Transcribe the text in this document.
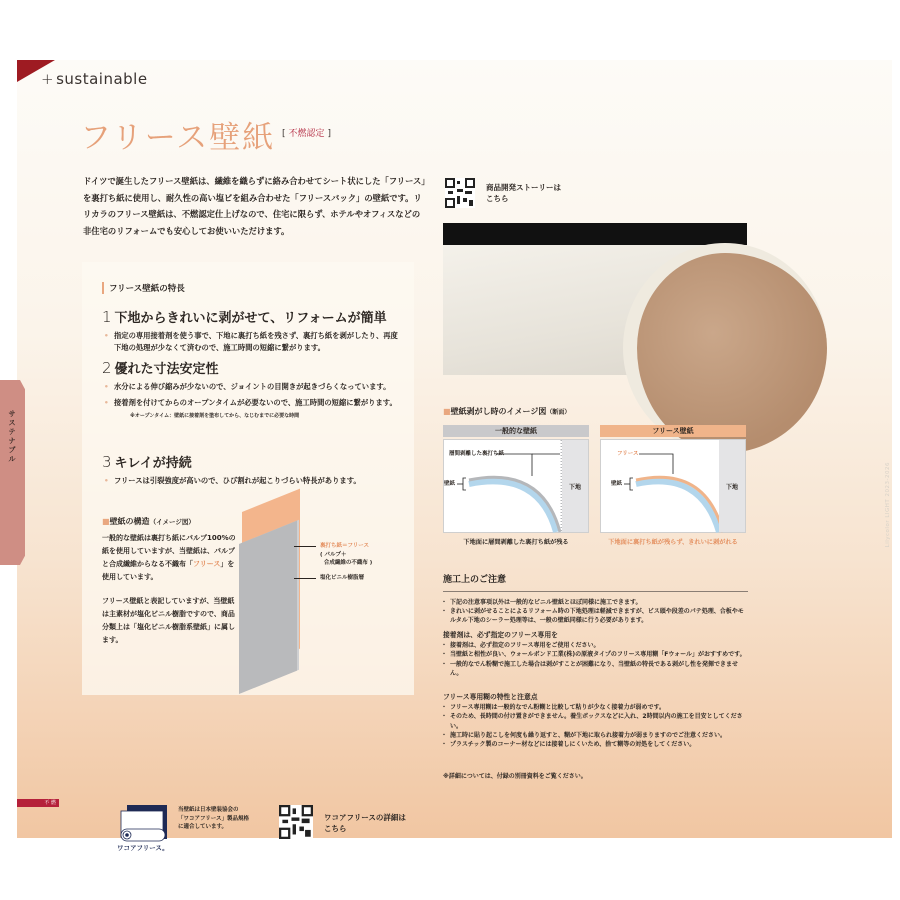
+ sustainable
フリース壁紙 [ 不燃認定 ]
ドイツで誕生したフリース壁紙は、繊維を織らずに絡み合わせてシート状にした「フリース」を裏打ち紙に使用し、耐久性の高い塩ビを組み合わせた「フリースバック」の壁紙です。リリカラのフリース壁紙は、不燃認定仕上げなので、住宅に限らず、ホテルやオフィスなどの非住宅のリフォームでも安心してお使いいただけます。
フリース壁紙の特長
1 下地からきれいに剥がせて、リフォームが簡単

• 指定の専用接着剤を使う事で、下地に裏打ち紙を残さず、裏打ち紙を剥がしたり、再度下地の処理が少なくて済むので、施工時間の短縮に繋がります。

2 優れた寸法安定性

• 水分による伸び縮みが少ないので、ジョイントの目開きが起きづらくなっています。

• 接着剤を付けてからのオープンタイムが必要ないので、施工時間の短縮に繋がります。

※オープンタイム：壁紙に接着剤を塗布してから、なじむまでに必要な時間
3 キレイが持続

• フリースは引裂強度が高いので、ひび割れが起こりづらい特長があります。

■壁紙の構造（イメージ図）
一般的な壁紙は裏打ち紙にパルプ100%の紙を使用していますが、当壁紙は、パルプと合成繊維からなる不織布「フリース」を使用しています。
フリース壁紙と表記していますが、当壁紙は主素材が塩化ビニル樹脂ですので、商品分類上は「塩化ビニル樹脂系壁紙」に属します。
裏打ち紙＝フリース
( パルプ＋
合成繊維の不織布 )
塩化ビニル樹脂層
商品開発ストーリーは
こちら
■壁紙剥がし時のイメージ図（断面）
一般的な壁紙
層間剥離した裏打ち紙
壁紙	下地
下地面に層間剥離した裏打ち紙が残る
フリース壁紙
フリース
壁紙	下地
下地面に裏打ち紙が残らず、きれいに剥がれる
施工上のご注意
・ 下記の注意事項以外は一般的なビニル壁紙とほぼ同様に施工できます。
・ きれいに剥がせることによるリフォーム時の下地処理は軽減できますが、ビス頭や段差のパテ処理、合板やモルタル下地のシーラー処理等は、一般の壁紙同様に行う必要があります。
接着剤は、必ず指定のフリース専用を
・ 接着剤は、必ず指定のフリース専用をご使用ください。
・ 当壁紙と相性が良い、ウォールボンド工業(株)の原液タイプのフリース専用糊「Fウォール」がおすすめです。
・ 一般的なでん粉糊で施工した場合は剥がすことが困難になり、当壁紙の特長である剥がし性を発揮できません。
フリース専用糊の特性と注意点
・ フリース専用糊は一般的なでん粉糊と比較して粘りが少なく接着力が弱めです。
・ そのため、長時間の付け置きができません。養生ボックスなどに入れ、2時間以内の施工を目安としてください。
・ 施工時に貼り起こしを何度も繰り返すと、糊が下地に取られ接着力が弱まりますのでご注意ください。
・ プラスチック製のコーナー材などには接着しにくいため、捨て糊等の対処をしてください。
※詳細については、付録の別冊資料をご覧ください。
ワコアフリース。
当壁紙は日本壁装協会の
「ワコアフリース」製品規格
に適合しています。
ワコアフリースの詳細は
こちら
Lilycolor LIGHT 2023-2026
▥
サステナブル
不 燃
